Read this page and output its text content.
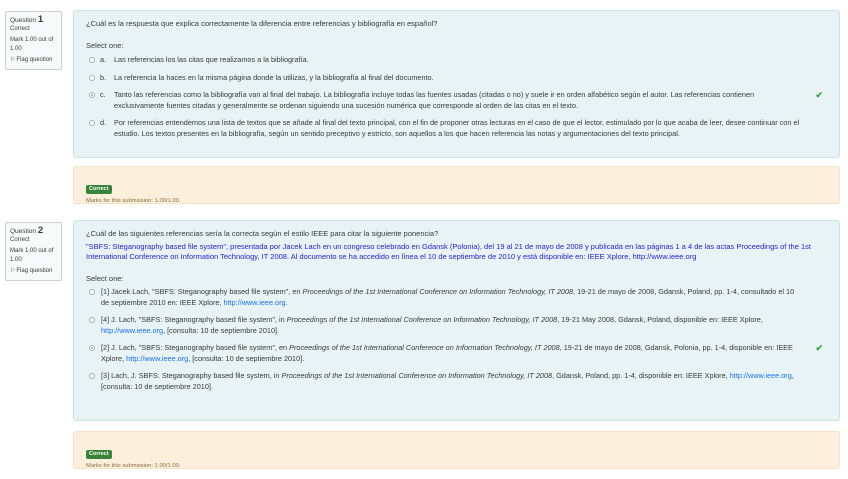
Question 1
Correct
Mark 1.00 out of 1.00
⚐Flag question
¿Cuál es la respuesta que explica correctamente la diferencia entre referencias y bibliografía en español?
Select one:
a. Las referencias los las citas que realizamos a la bibliografía.
b. La referencia la haces en la misma página donde la utilizas, y la bibliografía al final del documento.
c. Tanto las referencias como la bibliografía van al final del trabajo. La bibliografía incluye todas las fuentes usadas (citadas o no) y suele ir en orden alfabético según el autor. Las referencias contienen exclusivamente fuentes citadas y generalmente se ordenan siguiendo una sucesión numérica que corresponde al orden de las citas en el texto.
✔
d. Por referencias entendemos una lista de textos que se añade al final del texto principal, con el fin de proponer otras lecturas en el caso de que el lector, estimulado por lo que acaba de leer, desee continuar con el estudio. Los textos presentes en la bibliografía, según un sentido preceptivo y estricto, son aquellos a los que hacen referencia las notas y argumentaciones del texto principal.
Correct
Marks for this submission: 1.00/1.00.
Question 2
Correct
Mark 1.00 out of 1.00
⚐Flag question
¿Cuál de las siguientes referencias sería la correcta según el estilo IEEE para citar la siguiente ponencia?
"SBFS: Steganography based file system", presentada por Jacek Lach en un congreso celebrado en Gdansk (Polonia), del 19 al 21 de mayo de 2008 y publicada en las páginas 1 a 4 de las actas Proceedings of the 1st International Conference on Information Technology, IT 2008. Al documento se ha accedido en línea el 10 de septiembre de 2010 y está disponible en: IEEE Xplore, http://www.ieee.org
Select one:
[1] Jacek Lach, "SBFS: Steganography based file system", en Proceedings of the 1st International Conference on Information Technology, IT 2008, 19-21 de mayo de 2008, Gdansk, Poland, pp. 1-4, consultado el 10 de septiembre 2010 en: IEEE Xplore, http://www.ieee.org.
[4] J. Lach, "SBFS: Steganography based file system", in Proceedings of the 1st International Conference on Information Technology, IT 2008, 19-21 May 2008, Gdansk, Poland, disponible en: IEEE Xplore, http://www.ieee.org, [consulta: 10 de septiembre 2010].
[2] J. Lach, "SBFS: Steganography based file system", en Proceedings of the 1st International Conference on Information Technology, IT 2008, 19-21 de mayo de 2008, Gdansk, Polonia, pp. 1-4, disponible en: IEEE Xplore, http://www.ieee.org, [consulta: 10 de septiembre 2010].
✔
[3] Lach, J. SBFS: Steganography based file system, in Proceedings of the 1st International Conference on Information Technology, IT 2008, Gdansk, Poland, pp. 1-4, disponible en: IEEE Xplore, http://www.ieee.org, [consulta: 10 de septiembre 2010].
Correct
Marks for this submission: 1.00/1.00.
